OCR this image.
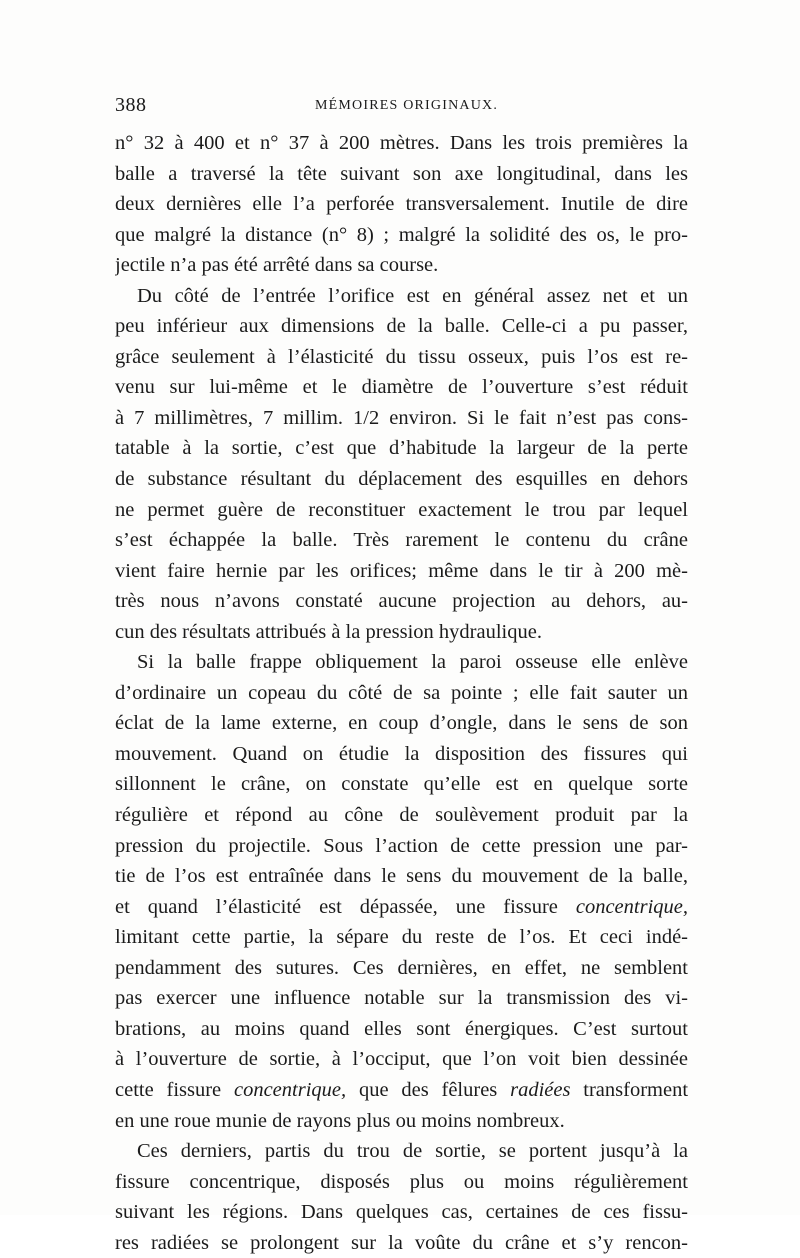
388	MÉMOIRES ORIGINAUX.
n° 32 à 400 et n° 37 à 200 mètres. Dans les trois premières la
balle a traversé la tête suivant son axe longitudinal, dans les
deux dernières elle l’a perforée transversalement. Inutile de dire
que malgré la distance (n° 8) ; malgré la solidité des os, le pro-
jectile n’a pas été arrêté dans sa course.
Du côté de l’entrée l’orifice est en général assez net et un
peu inférieur aux dimensions de la balle. Celle-ci a pu passer,
grâce seulement à l’élasticité du tissu osseux, puis l’os est re-
venu sur lui-même et le diamètre de l’ouverture s’est réduit
à 7 millimètres, 7 millim. 1/2 environ. Si le fait n’est pas cons-
tatable à la sortie, c’est que d’habitude la largeur de la perte
de substance résultant du déplacement des esquilles en dehors
ne permet guère de reconstituer exactement le trou par lequel
s’est échappée la balle. Très rarement le contenu du crâne
vient faire hernie par les orifices; même dans le tir à 200 mè-
très nous n’avons constaté aucune projection au dehors, au-
cun des résultats attribués à la pression hydraulique.
Si la balle frappe obliquement la paroi osseuse elle enlève
d’ordinaire un copeau du côté de sa pointe ; elle fait sauter un
éclat de la lame externe, en coup d’ongle, dans le sens de son
mouvement. Quand on étudie la disposition des fissures qui
sillonnent le crâne, on constate qu’elle est en quelque sorte
régulière et répond au cône de soulèvement produit par la
pression du projectile. Sous l’action de cette pression une par-
tie de l’os est entraînée dans le sens du mouvement de la balle,
et quand l’élasticité est dépassée, une fissure concentrique,
limitant cette partie, la sépare du reste de l’os. Et ceci indé-
pendamment des sutures. Ces dernières, en effet, ne semblent
pas exercer une influence notable sur la transmission des vi-
brations, au moins quand elles sont énergiques. C’est surtout
à l’ouverture de sortie, à l’occiput, que l’on voit bien dessinée
cette fissure concentrique, que des fêlures radiées transforment
en une roue munie de rayons plus ou moins nombreux.
Ces derniers, partis du trou de sortie, se portent jusqu’à la
fissure concentrique, disposés plus ou moins régulièrement
suivant les régions. Dans quelques cas, certaines de ces fissu-
res radiées se prolongent sur la voûte du crâne et s’y rencon-
